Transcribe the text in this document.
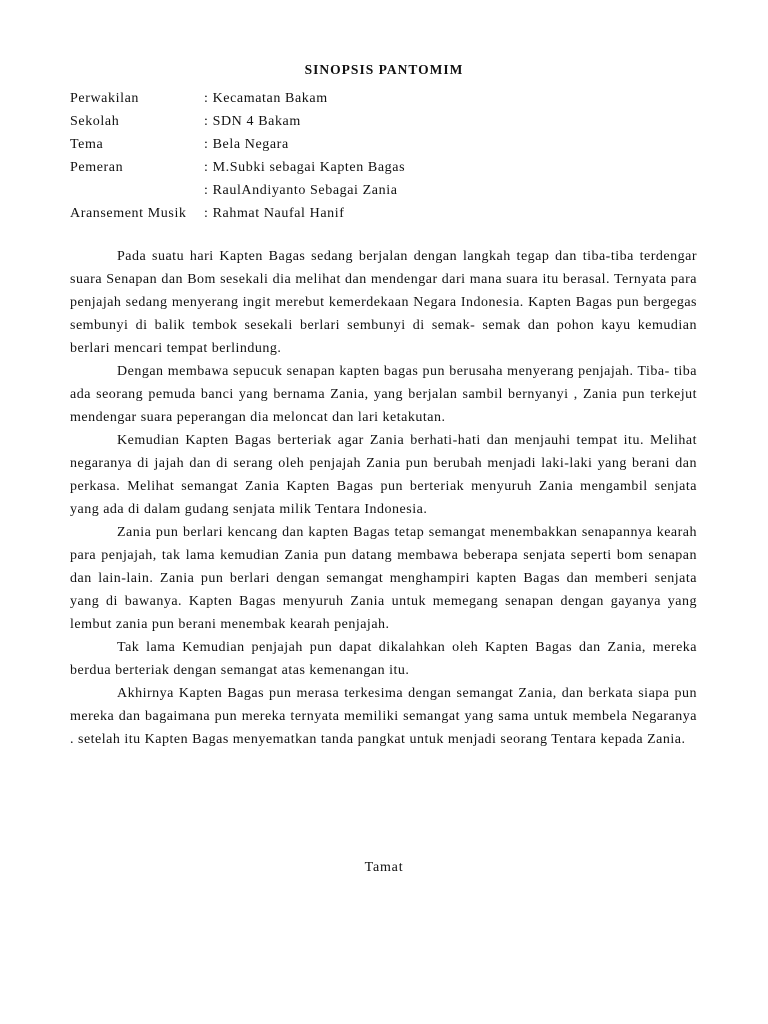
SINOPSIS PANTOMIM
Perwakilan	: Kecamatan Bakam
Sekolah	: SDN 4 Bakam
Tema	: Bela Negara
Pemeran	: M.Subki sebagai Kapten Bagas
: RaulAndiyanto Sebagai Zania
Aransement Musik	: Rahmat Naufal Hanif

Pada suatu hari Kapten Bagas sedang berjalan dengan langkah tegap dan tiba-tiba terdengar suara Senapan dan Bom sesekali dia melihat dan mendengar dari mana suara itu berasal. Ternyata para penjajah sedang menyerang ingit merebut kemerdekaan Negara Indonesia. Kapten Bagas pun bergegas sembunyi di balik tembok sesekali berlari sembunyi di semak- semak dan pohon kayu kemudian berlari mencari tempat berlindung.

Dengan membawa sepucuk senapan kapten bagas pun berusaha menyerang penjajah. Tiba- tiba ada seorang pemuda banci yang bernama Zania, yang berjalan sambil bernyanyi , Zania pun terkejut mendengar suara peperangan dia meloncat dan lari ketakutan.

Kemudian Kapten Bagas berteriak agar Zania berhati-hati dan menjauhi tempat itu. Melihat negaranya di jajah dan di serang oleh penjajah Zania pun berubah menjadi laki-laki yang berani dan perkasa. Melihat semangat Zania Kapten Bagas pun berteriak menyuruh Zania mengambil senjata yang ada di dalam gudang senjata milik Tentara Indonesia.

Zania pun berlari kencang dan kapten Bagas tetap semangat menembakkan senapannya kearah para penjajah, tak lama kemudian Zania pun datang membawa beberapa senjata seperti bom senapan dan lain-lain. Zania pun berlari dengan semangat menghampiri kapten Bagas dan memberi senjata yang di bawanya. Kapten Bagas menyuruh Zania untuk memegang senapan dengan gayanya yang lembut zania pun berani menembak kearah penjajah.

Tak lama Kemudian penjajah pun dapat dikalahkan oleh Kapten Bagas dan Zania, mereka berdua berteriak dengan semangat atas kemenangan itu.

Akhirnya Kapten Bagas pun merasa terkesima dengan semangat Zania, dan berkata siapa pun mereka dan bagaimana pun mereka ternyata memiliki semangat yang sama untuk membela Negaranya . setelah itu Kapten Bagas menyematkan tanda pangkat untuk menjadi seorang Tentara kepada Zania.

Tamat
